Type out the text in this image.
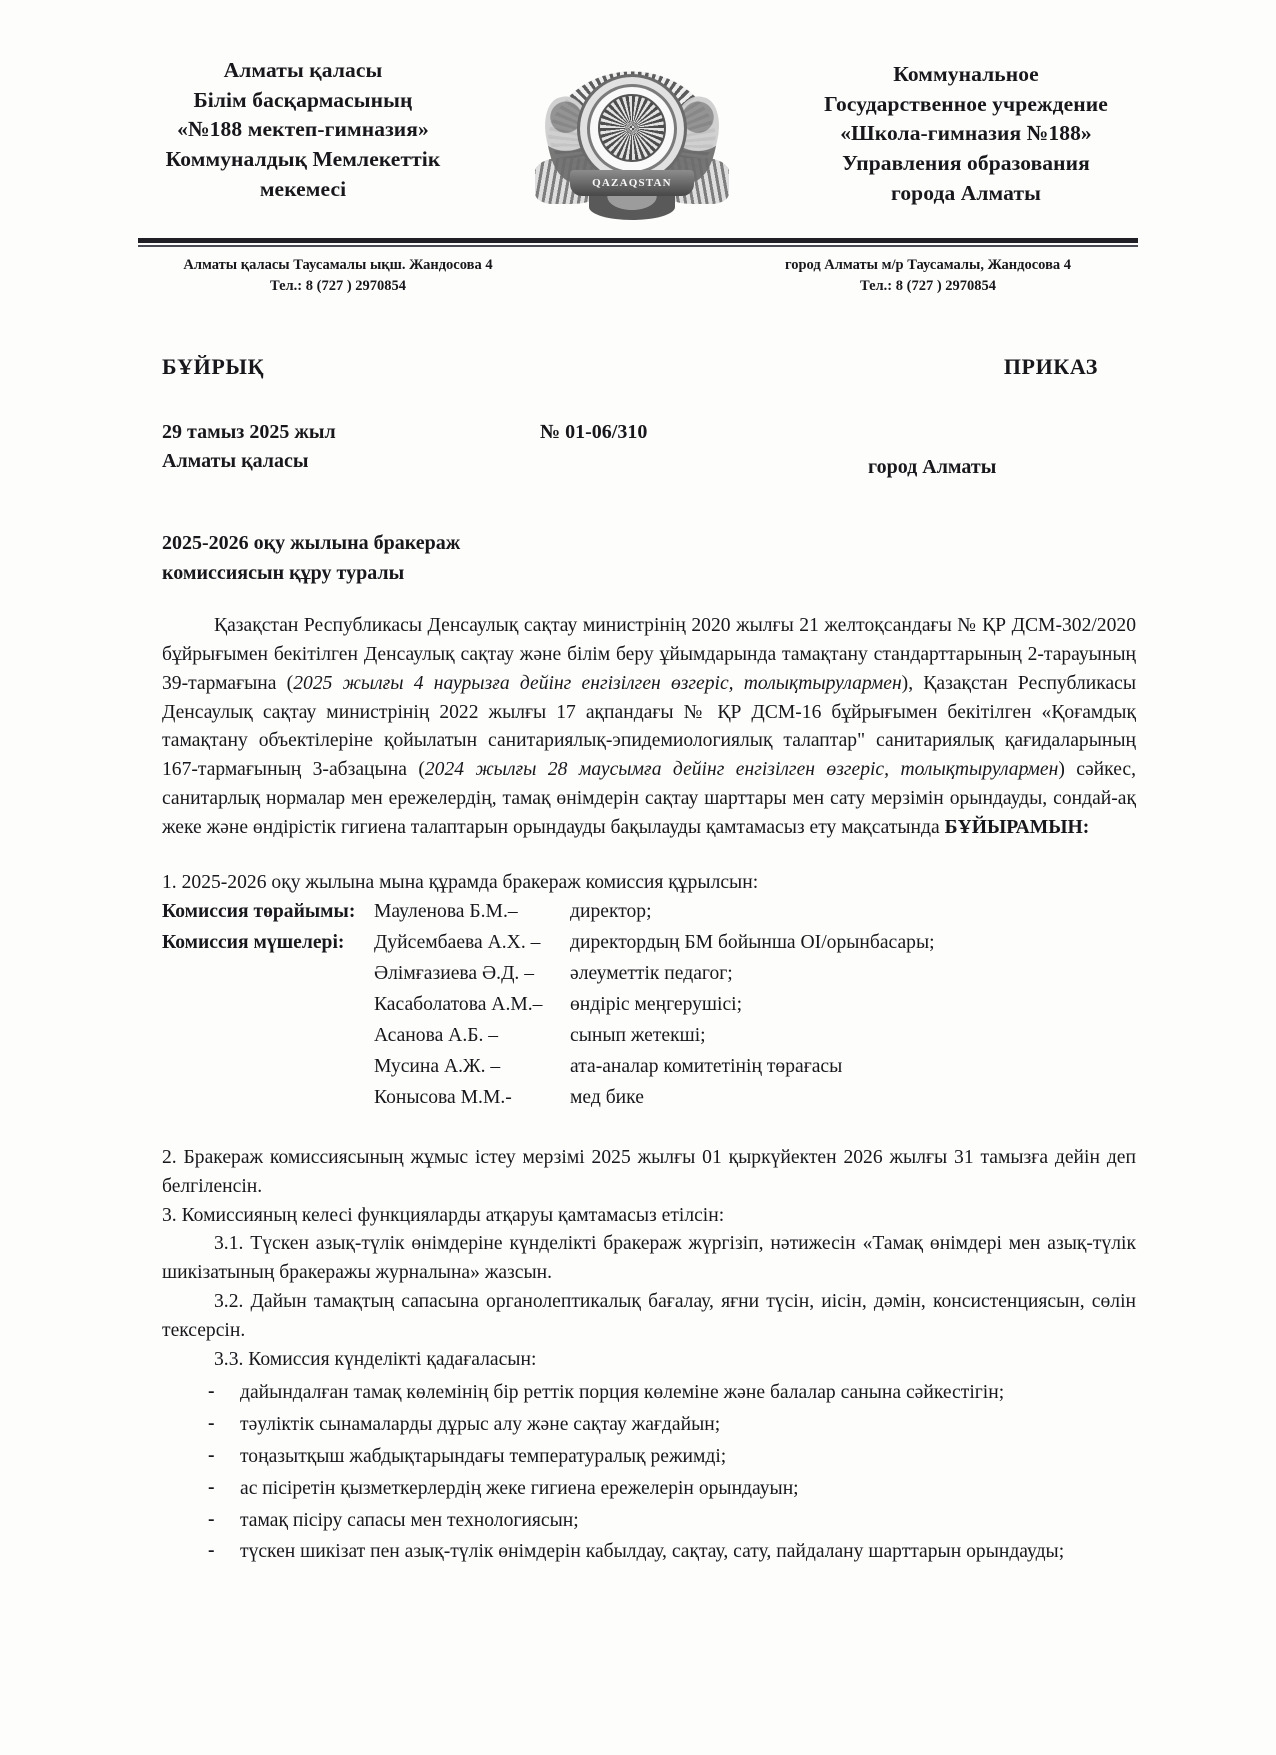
Алматы қаласы
Білім басқармасының
«№188 мектеп-гимназия»
Коммуналдық Мемлекеттік
мекемесі	QAZAQSTAN
Коммунальное
Государственное учреждение
«Школа-гимназия №188»
Управления образования
города Алматы
Алматы қаласы Таусамалы ықш. Жандосова 4
Тел.: 8 (727 ) 2970854
город Алматы м/р Таусамалы, Жандосова 4
Тел.: 8 (727 ) 2970854
БҰЙРЫҚ	ПРИКАЗ
29 тамыз 2025 жыл
Алматы қаласы
№ 01-06/310
город Алматы
2025-2026 оқу жылына бракераж
комиссиясын құру туралы

Қазақстан Республикасы Денсаулық сақтау министрінің 2020 жылғы 21 желтоқсандағы № ҚР ДСМ-302/2020 бұйрығымен бекітілген Денсаулық сақтау және білім беру ұйымдарында тамақтану стандарттарының 2-тарауының 39-тармағына (2025 жылғы 4 наурызға дейінг енгізілген өзгеріс, толықтырулармен), Қазақстан Республикасы Денсаулық сақтау министрінің 2022 жылғы 17 ақпандағы № ҚР ДСМ-16 бұйрығымен бекітілген «Қоғамдық тамақтану объектілеріне қойылатын санитариялық-эпидемиологиялық талаптар" санитариялық қағидаларының 167-тармағының 3-абзацына (2024 жылғы 28 маусымға дейінг енгізілген өзгеріс, толықтырулармен) сәйкес, санитарлық нормалар мен ережелердің, тамақ өнімдерін сақтау шарттары мен сату мерзімін орындауды, сондай-ақ жеке және өндірістік гигиена талаптарын орындауды бақылауды қамтамасыз ету мақсатында БҰЙЫРАМЫН:

1. 2025-2026 оқу жылына мына құрамда бракераж комиссия құрылсын:
Комиссия төрайымы: Мауленова Б.М.–	директор;
Комиссия мүшелері:	Дуйсембаева А.Х. –	директордың БМ бойынша ОІ/орынбасары;
Әлімғазиева Ә.Д. –	әлеуметтік педагог;
Касаболатова А.М.–	өндіріс меңгерушісі;
Асанова А.Б. –	сынып жетекші;
Мусина А.Ж. –	ата-аналар комитетінің төрағасы
Конысова М.М.-	мед бике

2. Бракераж комиссиясының жұмыс істеу мерзімі 2025 жылғы 01 қыркүйектен 2026 жылғы 31 тамызға дейін деп белгіленсін.

3. Комиссияның келесі функцияларды атқаруы қамтамасыз етілсін:

3.1. Түскен азық-түлік өнімдеріне күнделікті бракераж жүргізіп, нәтижесін «Тамақ өнімдері мен азық-түлік шикізатының бракеражы журналына» жазсын.

3.2. Дайын тамақтың сапасына органолептикалық бағалау, яғни түсін, иісін, дәмін, консистенциясын, сөлін тексерсін.

3.3. Комиссия күнделікті қадағаласын:

- дайындалған тамақ көлемінің бір реттік порция көлеміне және балалар санына сәйкестігін;
- тәуліктік сынамаларды дұрыс алу және сақтау жағдайын;
- тоңазытқыш жабдықтарындағы температуралық режимді;
- ас пісіретін қызметкерлердің жеке гигиена ережелерін орындауын;
- тамақ пісіру сапасы мен технологиясын;
- түскен шикізат пен азық-түлік өнімдерін кабылдау, сақтау, сату, пайдалану шарттарын орындауды;
